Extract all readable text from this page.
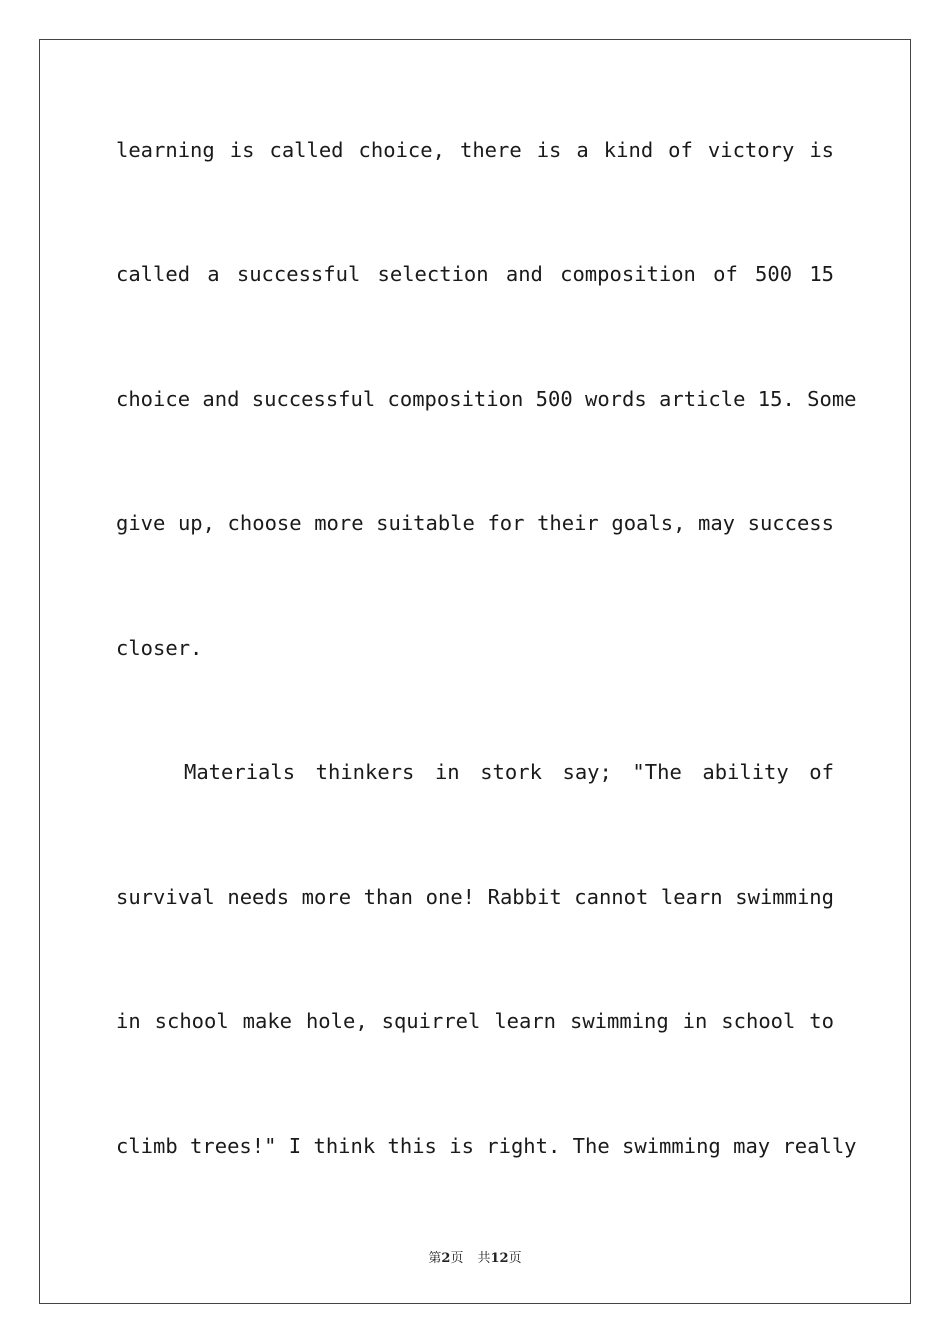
learning is called choice, there is a kind of victory is
called a successful selection and composition of 500 15
choice and successful composition 500 words article 15. Some
give up, choose more suitable for their goals, may success
closer.
Materials thinkers in stork say; "The ability of
survival needs more than one! Rabbit cannot learn swimming
in school make hole, squirrel learn swimming in school to
climb trees!" I think this is right. The swimming may really
第2页 共12页
